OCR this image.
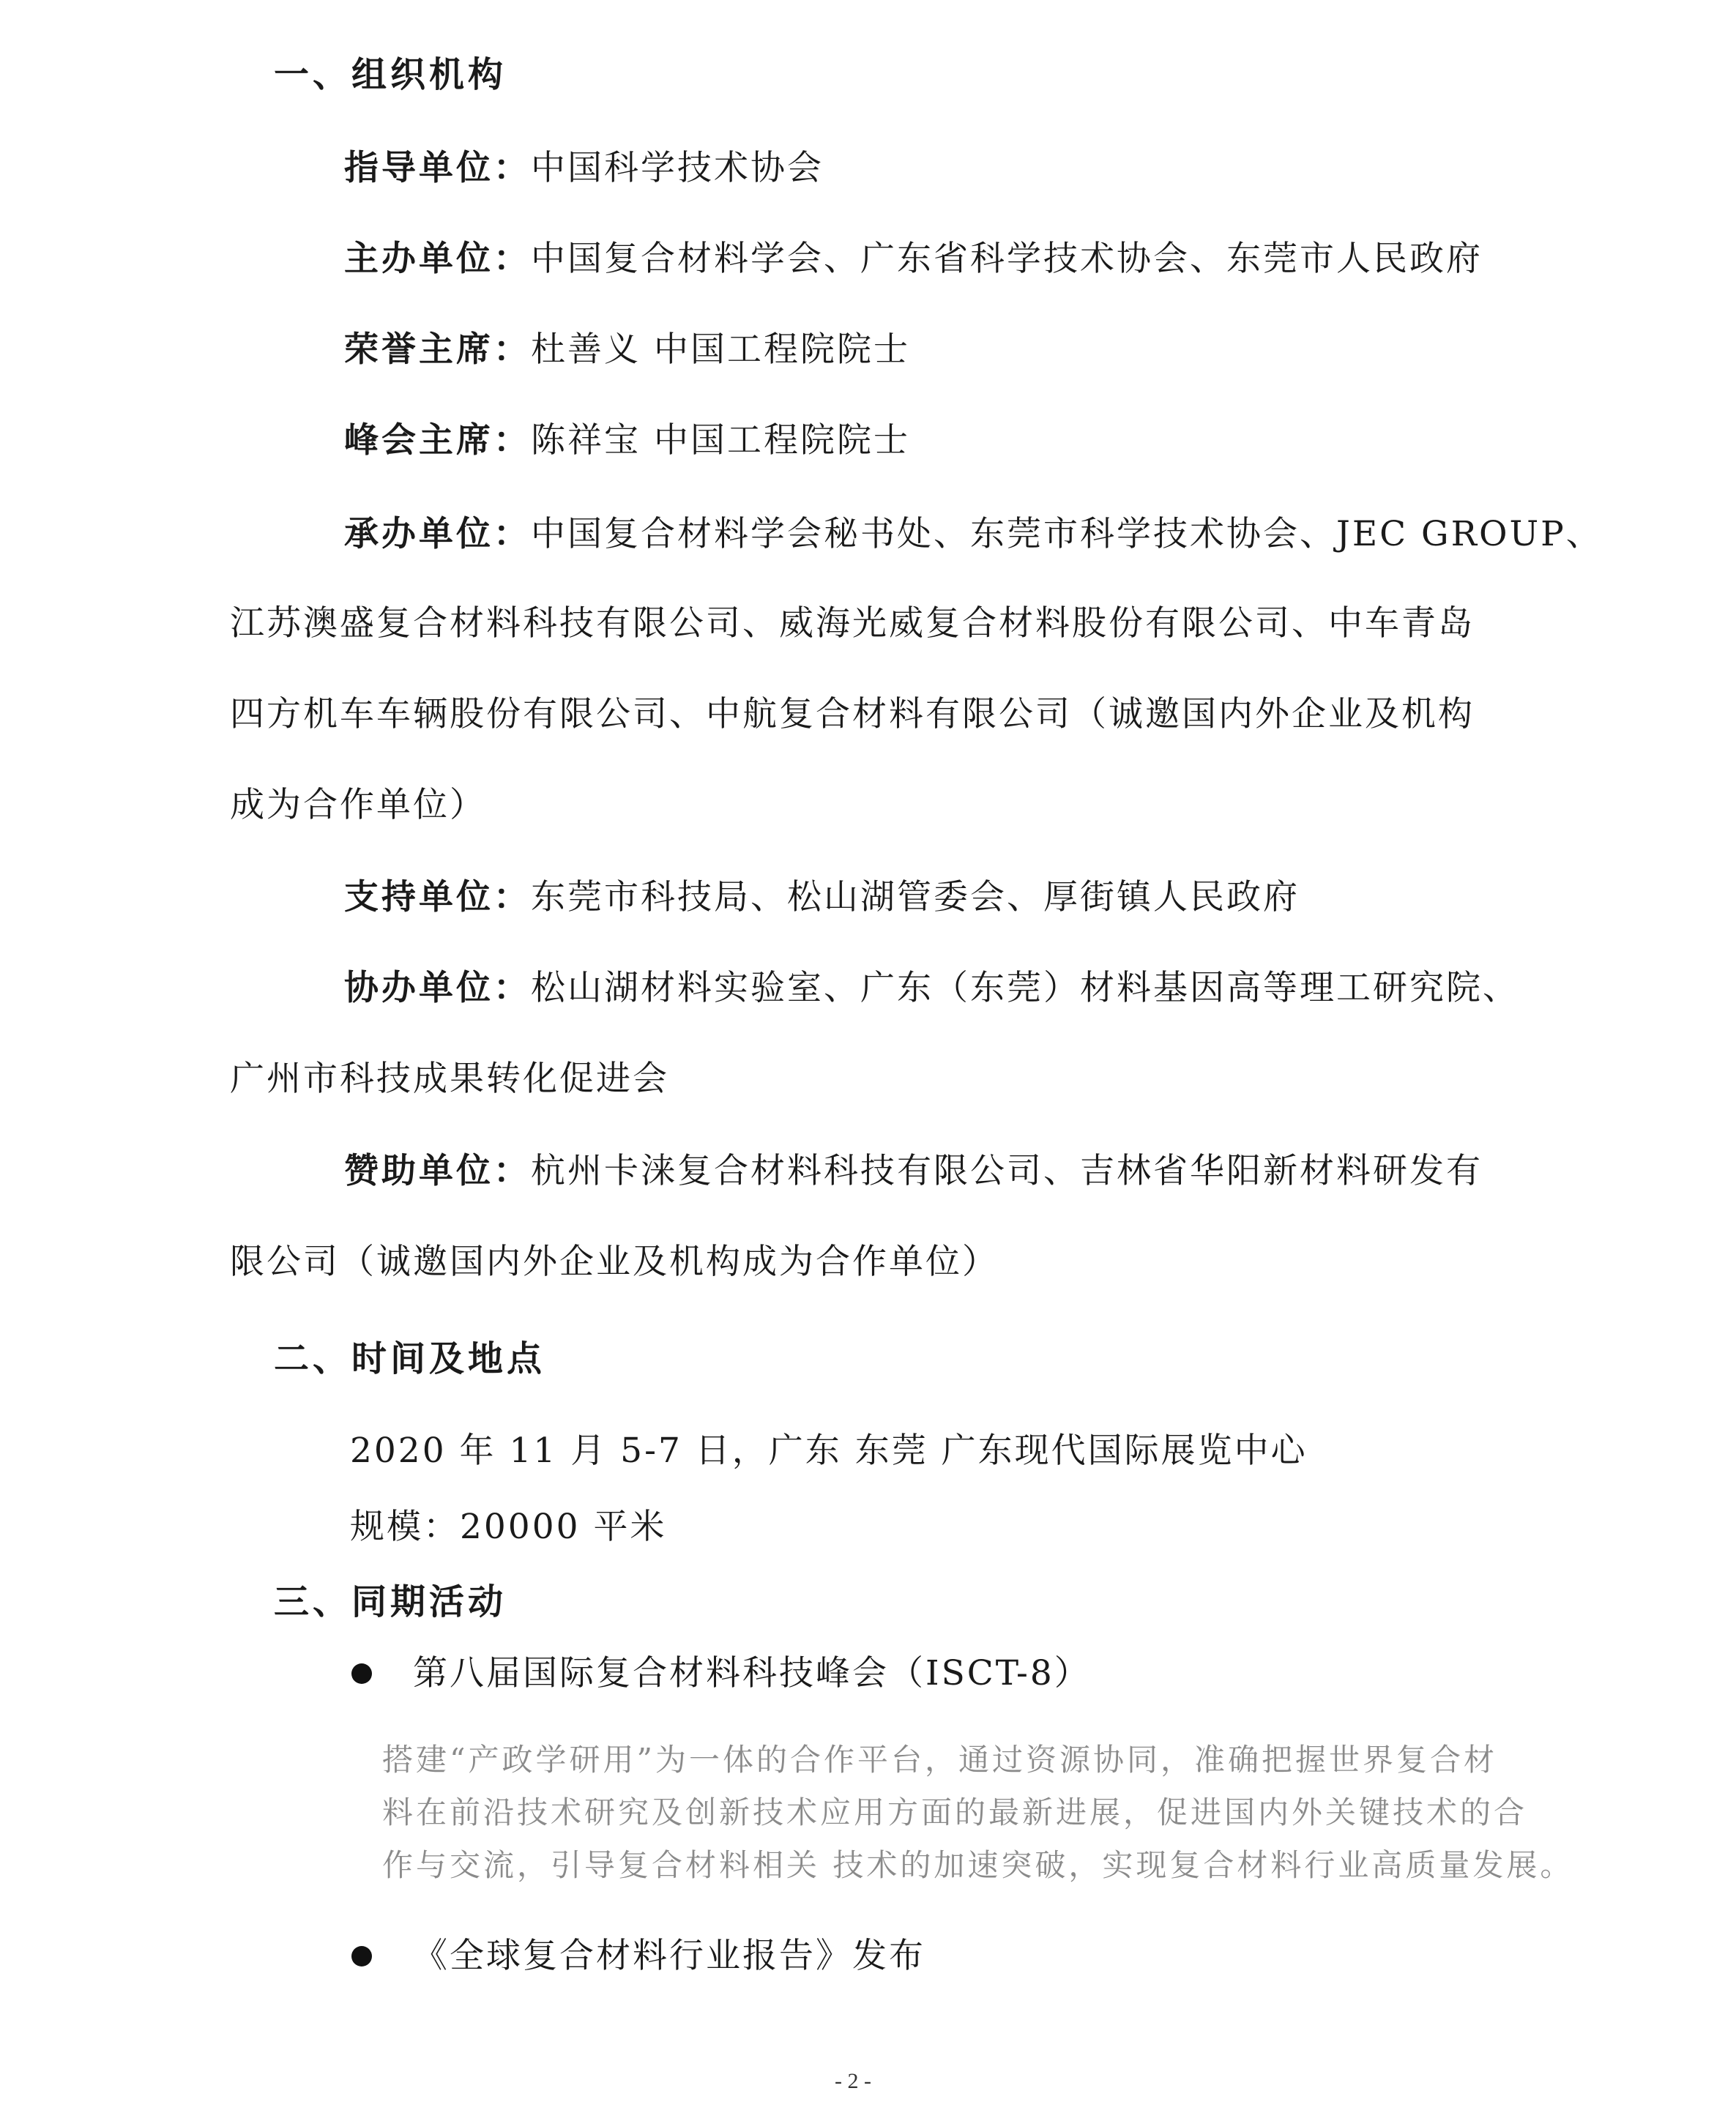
一、组织机构
指导单位：中国科学技术协会
主办单位：中国复合材料学会、广东省科学技术协会、东莞市人民政府
荣誉主席：杜善义 中国工程院院士
峰会主席：陈祥宝 中国工程院院士
承办单位：中国复合材料学会秘书处、东莞市科学技术协会、JEC GROUP、
江苏澳盛复合材料科技有限公司、威海光威复合材料股份有限公司、中车青岛
四方机车车辆股份有限公司、中航复合材料有限公司（诚邀国内外企业及机构
成为合作单位）
支持单位：东莞市科技局、松山湖管委会、厚街镇人民政府
协办单位：松山湖材料实验室、广东（东莞）材料基因高等理工研究院、
广州市科技成果转化促进会
赞助单位：杭州卡涞复合材料科技有限公司、吉林省华阳新材料研发有
限公司（诚邀国内外企业及机构成为合作单位）
二、时间及地点
2020 年 11 月 5-7 日，广东 东莞 广东现代国际展览中心
规模：20000 平米
三、同期活动
第八届国际复合材料科技峰会（ISCT-8）
搭建“产政学研用”为一体的合作平台，通过资源协同，准确把握世界复合材
料在前沿技术研究及创新技术应用方面的最新进展，促进国内外关键技术的合
作与交流，引导复合材料相关 技术的加速突破，实现复合材料行业高质量发展。
《全球复合材料行业报告》发布
- 2 -
